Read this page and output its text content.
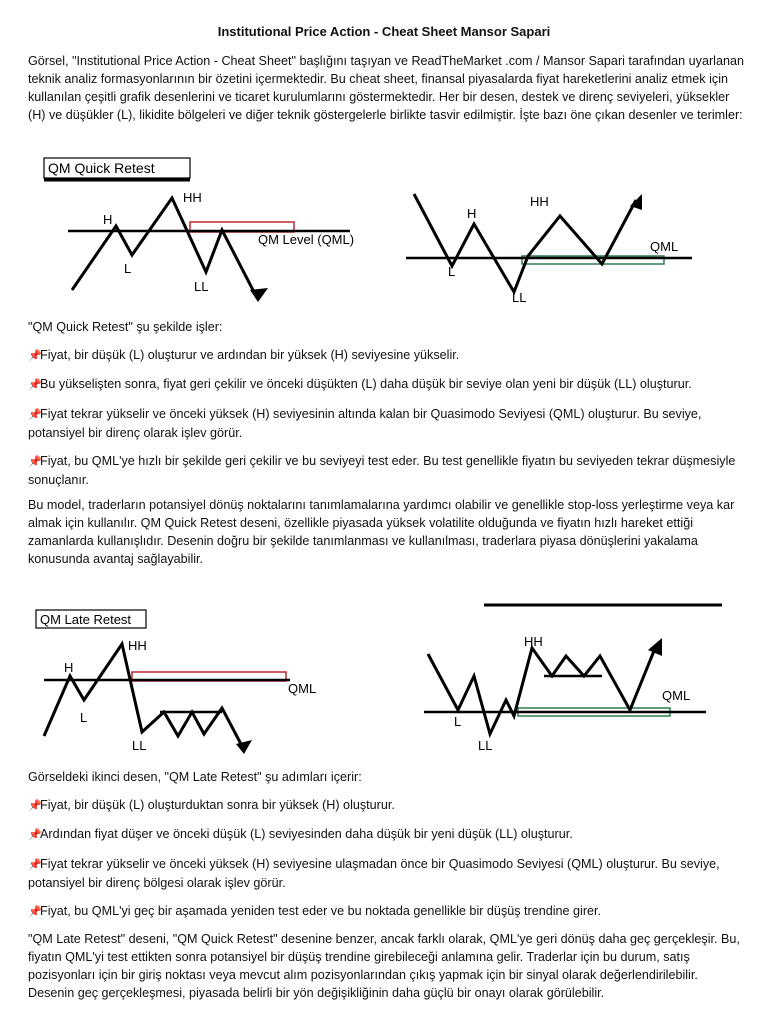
Institutional Price Action - Cheat Sheet Mansor Sapari
Görsel, "Institutional Price Action - Cheat Sheet" başlığını taşıyan ve ReadTheMarket .com / Mansor Sapari tarafından uyarlanan teknik analiz formasyonlarının bir özetini içermektedir. Bu cheat sheet, finansal piyasalarda fiyat hareketlerini analiz etmek için kullanılan çeşitli grafik desenlerini ve ticaret kurulumlarını göstermektedir. Her bir desen, destek ve direnç seviyeleri, yüksekler (H) ve düşükler (L), likidite bölgeleri ve diğer teknik göstergelerle birlikte tasvir edilmiştir. İşte bazı öne çıkan desenler ve terimler:
QM Quick Retest
H
L
HH
LL
QM Level (QML)
H
L
HH
LL
QML
"QM Quick Retest" şu şekilde işler:
📌Fiyat, bir düşük (L) oluşturur ve ardından bir yüksek (H) seviyesine yükselir.
📌Bu yükselişten sonra, fiyat geri çekilir ve önceki düşükten (L) daha düşük bir seviye olan yeni bir düşük (LL) oluşturur.
📌Fiyat tekrar yükselir ve önceki yüksek (H) seviyesinin altında kalan bir Quasimodo Seviyesi (QML) oluşturur. Bu seviye, potansiyel bir direnç olarak işlev görür.
📌Fiyat, bu QML'ye hızlı bir şekilde geri çekilir ve bu seviyeyi test eder. Bu test genellikle fiyatın bu seviyeden tekrar düşmesiyle sonuçlanır.
Bu model, traderların potansiyel dönüş noktalarını tanımlamalarına yardımcı olabilir ve genellikle stop-loss yerleştirme veya kar almak için kullanılır. QM Quick Retest deseni, özellikle piyasada yüksek volatilite olduğunda ve fiyatın hızlı hareket ettiği zamanlarda kullanışlıdır. Desenin doğru bir şekilde tanımlanması ve kullanılması, traderlara piyasa dönüşlerini yakalama konusunda avantaj sağlayabilir.
QM Late Retest
H
L
HH
LL
QML
L
HH
LL
QML
Görseldeki ikinci desen, "QM Late Retest" şu adımları içerir:
📌Fiyat, bir düşük (L) oluşturduktan sonra bir yüksek (H) oluşturur.
📌Ardından fiyat düşer ve önceki düşük (L) seviyesinden daha düşük bir yeni düşük (LL) oluşturur.
📌Fiyat tekrar yükselir ve önceki yüksek (H) seviyesine ulaşmadan önce bir Quasimodo Seviyesi (QML) oluşturur. Bu seviye, potansiyel bir direnç bölgesi olarak işlev görür.
📌Fiyat, bu QML'yi geç bir aşamada yeniden test eder ve bu noktada genellikle bir düşüş trendine girer.
"QM Late Retest" deseni, "QM Quick Retest" desenine benzer, ancak farklı olarak, QML'ye geri dönüş daha geç gerçekleşir. Bu, fiyatın QML'yi test ettikten sonra potansiyel bir düşüş trendine girebileceği anlamına gelir. Traderlar için bu durum, satış pozisyonları için bir giriş noktası veya mevcut alım pozisyonlarından çıkış yapmak için bir sinyal olarak değerlendirilebilir. Desenin geç gerçekleşmesi, piyasada belirli bir yön değişikliğinin daha güçlü bir onayı olarak görülebilir.
